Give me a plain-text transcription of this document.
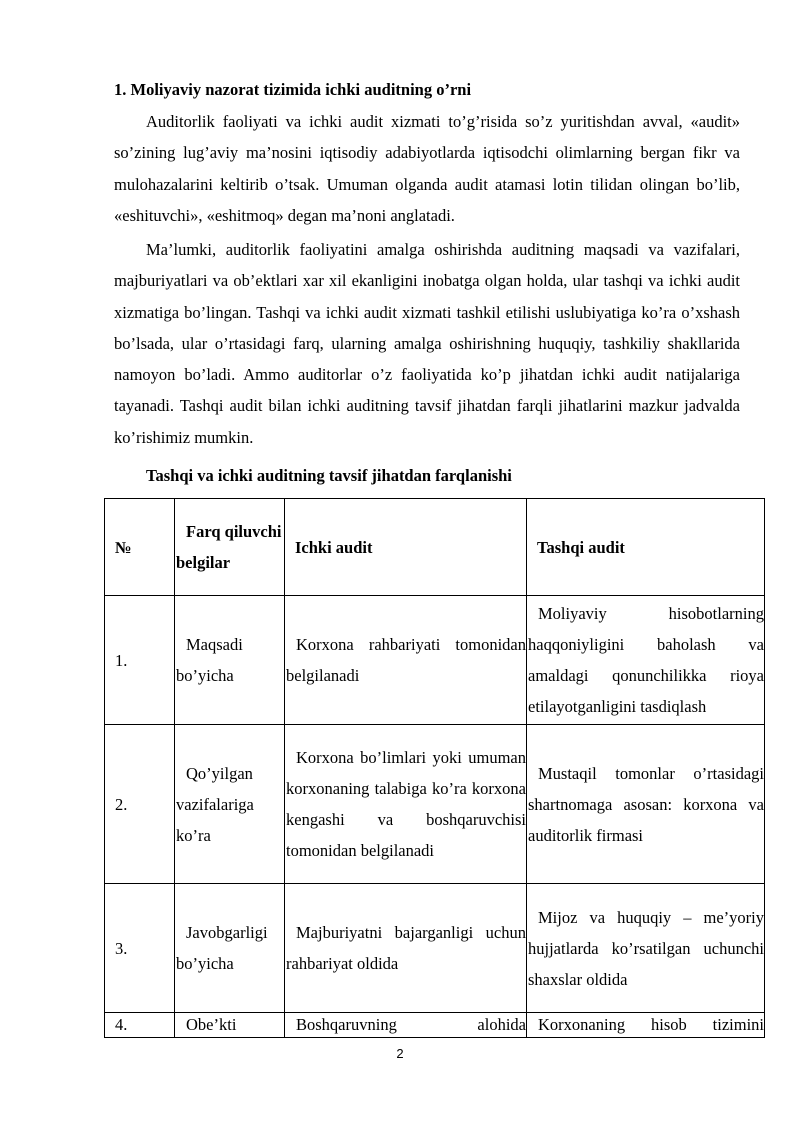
1. Moliyaviy nazorat tizimida ichki auditning o’rni

Auditorlik faoliyati va ichki audit xizmati to’g’risida so’z yuritishdan avval, «audit» so’zining lug’aviy ma’nosini iqtisodiy adabiyotlarda iqtisodchi olimlarning bergan fikr va mulohazalarini keltirib o’tsak. Umuman olganda audit atamasi lotin tilidan olingan bo’lib, «eshituvchi», «eshitmoq» degan ma’noni anglatadi.

Ma’lumki, auditorlik faoliyatini amalga oshirishda auditning maqsadi va vazifalari, majburiyatlari va ob’ektlari xar xil ekanligini inobatga olgan holda, ular tashqi va ichki audit xizmatiga bo’lingan. Tashqi va ichki audit xizmati tashkil etilishi uslubiyatiga ko’ra o’xshash bo’lsada, ular o’rtasidagi farq, ularning amalga oshirishning huquqiy, tashkiliy shakllarida namoyon bo’ladi. Ammo auditorlar o’z faoliyatida ko’p jihatdan ichki audit natijalariga tayanadi. Tashqi audit bilan ichki auditning tavsif jihatdan farqli jihatlarini mazkur jadvalda ko’rishimiz mumkin.

Tashqi va ichki auditning tavsif jihatdan farqlanishi
№	Farq qiluvchi belgilar	Ichki audit	Tashqi audit
1.	Maqsadi bo’yicha	Korxona rahbariyati tomonidan belgilanadi	Moliyaviy hisobotlarning haqqoniyligini baholash va amaldagi qonunchilikka rioya etilayotganligini tasdiqlash
2.	Qo’yilgan vazifalariga ko’ra	Korxona bo’limlari yoki umuman korxonaning talabiga ko’ra korxona kengashi va boshqaruvchisi tomonidan belgilanadi	Mustaqil tomonlar o’rtasidagi shartnomaga asosan: korxona va auditorlik firmasi
3.	Javobgarligi bo’yicha	Majburiyatni bajarganligi uchun rahbariyat oldida	Mijoz va huquqiy – me’yoriy hujjatlarda ko’rsatilgan uchunchi shaxslar oldida
4.	Obe’kti	Boshqaruvning alohida	Korxonaning hisob tizimini
2
